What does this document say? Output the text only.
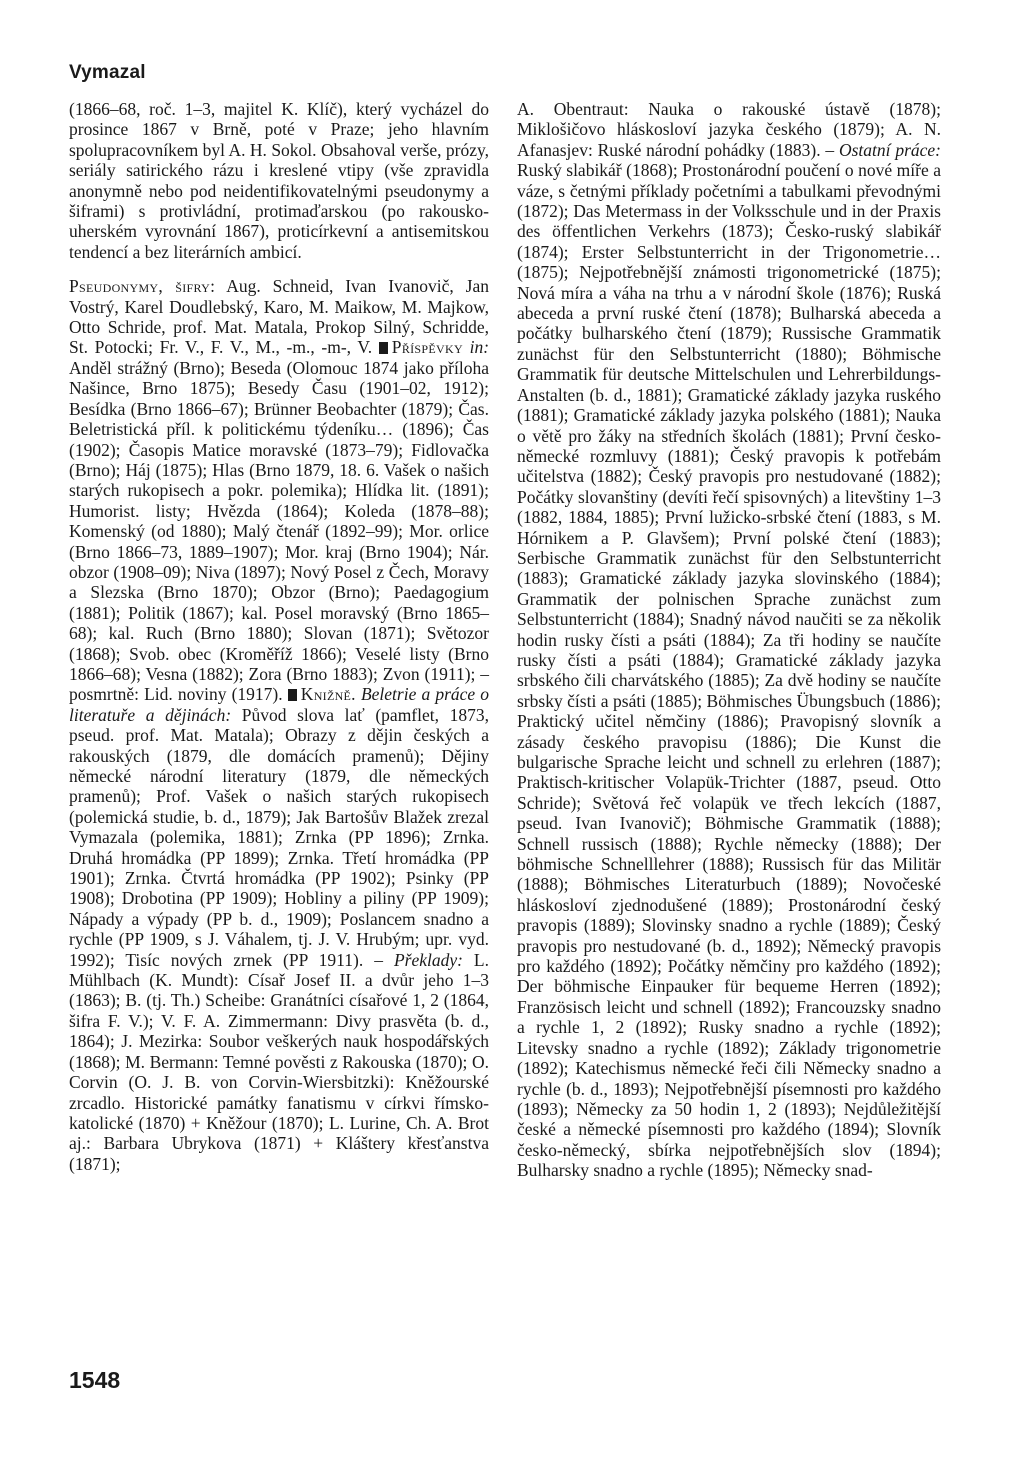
Vymazal

(1866–68, roč. 1–3, majitel K. Klíč), který vycházel do prosince 1867 v Brně, poté v Praze; jeho hlavním spolupracovníkem byl A. H. Sokol. Obsahoval verše, prózy, seriály satirického rázu i kreslené vtipy (vše zpravidla anonymně nebo pod neidentifikovatelnými pseudonymy a šiframi) s protivládní, protimaďarskou (po rakousko-uherském vyrovnání 1867), proticírkevní a antisemitskou tendencí a bez literárních ambicí.

Pseudonymy, šifry: Aug. Schneid, Ivan Ivanovič, Jan Vostrý, Karel Doudlebský, Karo, M. Maikow, M. Majkow, Otto Schride, prof. Mat. Matala, Prokop Silný, Schridde, St. Potocki; Fr. V., F. V., M., -m., -m-, V. Příspěvky in: Anděl strážný (Brno); Beseda (Olomouc 1874 jako příloha Našince, Brno 1875); Besedy Času (1901–02, 1912); Besídka (Brno 1866–67); Brünner Beobachter (1879); Čas. Beletristická příl. k politickému týdeníku… (1896); Čas (1902); Časopis Matice moravské (1873–79); Fidlovačka (Brno); Háj (1875); Hlas (Brno 1879, 18. 6. Vašek o našich starých rukopisech a pokr. polemika); Hlídka lit. (1891); Humorist. listy; Hvězda (1864); Koleda (1878–88); Komenský (od 1880); Malý čtenář (1892–99); Mor. orlice (Brno 1866–73, 1889–1907); Mor. kraj (Brno 1904); Nár. obzor (1908–09); Niva (1897); Nový Posel z Čech, Moravy a Slezska (Brno 1870); Obzor (Brno); Paedagogium (1881); Politik (1867); kal. Posel moravský (Brno 1865–68); kal. Ruch (Brno 1880); Slovan (1871); Světozor (1868); Svob. obec (Kroměříž 1866); Veselé listy (Brno 1866–68); Vesna (1882); Zora (Brno 1883); Zvon (1911); – posmrtně: Lid. noviny (1917). Knižně. Beletrie a práce o literatuře a dějinách: Původ slova lať (pamflet, 1873, pseud. prof. Mat. Matala); Obrazy z dějin českých a rakouských (1879, dle domácích pramenů); Dějiny německé národní literatury (1879, dle německých pramenů); Prof. Vašek o našich starých rukopisech (polemická studie, b. d., 1879); Jak Bartošův Blažek zrezal Vymazala (polemika, 1881); Zrnka (PP 1896); Zrnka. Druhá hromádka (PP 1899); Zrnka. Třetí hromádka (PP 1901); Zrnka. Čtvrtá hromádka (PP 1902); Psinky (PP 1908); Drobotina (PP 1909); Hobliny a piliny (PP 1909); Nápady a výpady (PP b. d., 1909); Poslancem snadno a rychle (PP 1909, s J. Váhalem, tj. J. V. Hrubým; upr. vyd. 1992); Tisíc nových zrnek (PP 1911). – Překlady: L. Mühlbach (K. Mundt): Císař Josef II. a dvůr jeho 1–3 (1863); B. (tj. Th.) Scheibe: Granátníci císařové 1, 2 (1864, šifra F. V.); V. F. A. Zimmermann: Divy prasvěta (b. d., 1864); J. Mezirka: Soubor veškerých nauk hospodářských (1868); M. Bermann: Temné pověsti z Rakouska (1870); O. Corvin (O. J. B. von Corvin-Wiersbitzki): Kněžourské zrcadlo. Historické památky fanatismu v církvi římsko-katolické (1870) + Kněžour (1870); L. Lurine, Ch. A. Brot aj.: Barbara Ubrykova (1871) + Kláštery křesťanstva (1871);

A. Obentraut: Nauka o rakouské ústavě (1878); Miklošičovo hláskosloví jazyka českého (1879); A. N. Afanasjev: Ruské národní pohádky (1883). – Ostatní práce: Ruský slabikář (1868); Prostonárodní poučení o nové míře a váze, s četnými příklady početními a tabulkami převodnými (1872); Das Metermass in der Volksschule und in der Praxis des öffentlichen Verkehrs (1873); Česko-ruský slabikář (1874); Erster Selbstunterricht in der Trigonometrie… (1875); Nejpotřebnější známosti trigonometrické (1875); Nová míra a váha na trhu a v národní škole (1876); Ruská abeceda a první ruské čtení (1878); Bulharská abeceda a počátky bulharského čtení (1879); Russische Grammatik zunächst für den Selbstunterricht (1880); Böhmische Grammatik für deutsche Mittelschulen und Lehrerbildungs-Anstalten (b. d., 1881); Gramatické základy jazyka ruského (1881); Gramatické základy jazyka polského (1881); Nauka o větě pro žáky na středních školách (1881); První česko-německé rozmluvy (1881); Český pravopis k potřebám učitelstva (1882); Český pravopis pro nestudované (1882); Počátky slovanštiny (devíti řečí spisovných) a litevštiny 1–3 (1882, 1884, 1885); První lužicko-srbské čtení (1883, s M. Hórnikem a P. Glavšem); První polské čtení (1883); Serbische Grammatik zunächst für den Selbstunterricht (1883); Gramatické základy jazyka slovinského (1884); Grammatik der polnischen Sprache zunächst zum Selbstunterricht (1884); Snadný návod naučiti se za několik hodin rusky čísti a psáti (1884); Za tři hodiny se naučíte rusky čísti a psáti (1884); Gramatické základy jazyka srbského čili charvátského (1885); Za dvě hodiny se naučíte srbsky čísti a psáti (1885); Böhmisches Übungsbuch (1886); Praktický učitel němčiny (1886); Pravopisný slovník a zásady českého pravopisu (1886); Die Kunst die bulgarische Sprache leicht und schnell zu erlehren (1887); Praktisch-kritischer Volapük-Trichter (1887, pseud. Otto Schride); Světová řeč volapük ve třech lekcích (1887, pseud. Ivan Ivanovič); Böhmische Grammatik (1888); Schnell russisch (1888); Rychle německy (1888); Der böhmische Schnelllehrer (1888); Russisch für das Militär (1888); Böhmisches Literaturbuch (1889); Novočeské hláskosloví zjednodušené (1889); Prostonárodní český pravopis (1889); Slovinsky snadno a rychle (1889); Český pravopis pro nestudované (b. d., 1892); Německý pravopis pro každého (1892); Počátky němčiny pro každého (1892); Der böhmische Einpauker für bequeme Herren (1892); Französisch leicht und schnell (1892); Francouzsky snadno a rychle 1, 2 (1892); Rusky snadno a rychle (1892); Litevsky snadno a rychle (1892); Základy trigonometrie (1892); Katechismus německé řeči čili Německy snadno a rychle (b. d., 1893); Nejpotřebnější písemnosti pro každého (1893); Německy za 50 hodin 1, 2 (1893); Nejdůležitější české a německé písemnosti pro každého (1894); Slovník česko-německý, sbírka nejpotřebnějších slov (1894); Bulharsky snadno a rychle (1895); Německy snad-

1548
